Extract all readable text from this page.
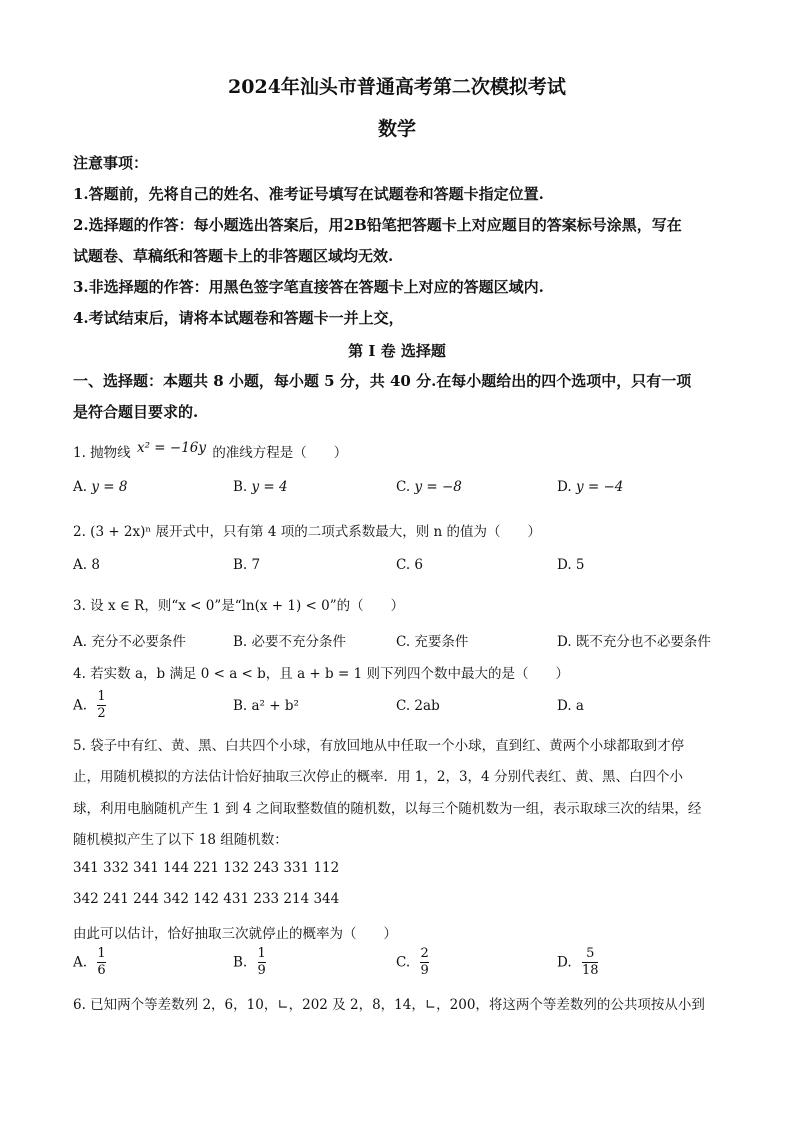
2024年汕头市普通高考第二次模拟考试
数学
注意事项：
1.答题前，先将自己的姓名、准考证号填写在试题卷和答题卡指定位置.
2.选择题的作答：每小题选出答案后，用2B铅笔把答题卡上对应题目的答案标号涂黑，写在
试题卷、草稿纸和答题卡上的非答题区域均无效.
3.非选择题的作答：用黑色签字笔直接答在答题卡上对应的答题区域内.
4.考试结束后，请将本试题卷和答题卡一并上交，
第 I 卷 选择题
一、选择题：本题共 8 小题，每小题 5 分，共 40 分.在每小题给出的四个选项中，只有一项
是符合题目要求的.
1. 抛物线 x² = −16y 的准线方程是（　　）
A. y = 8	B. y = 4	C. y = −8	D. y = −4
2. (3 + 2x)ⁿ 展开式中，只有第 4 项的二项式系数最大，则 n 的值为（　　）
A. 8	B. 7	C. 6	D. 5
3. 设 x ∈ R，则“x < 0”是“ln(x + 1) < 0”的（　　）
A. 充分不必要条件	B. 必要不充分条件	C. 充要条件	D. 既不充分也不必要条件
4. 若实数 a，b 满足 0 < a < b，且 a + b = 1 则下列四个数中最大的是（　　）
A. $\frac{1}{2}$	B. a² + b²	C. 2ab	D. a
5. 袋子中有红、黄、黑、白共四个小球，有放回地从中任取一个小球，直到红、黄两个小球都取到才停
止，用随机模拟的方法估计恰好抽取三次停止的概率．用 1，2，3，4 分别代表红、黄、黑、白四个小
球，利用电脑随机产生 1 到 4 之间取整数值的随机数，以每三个随机数为一组，表示取球三次的结果，经
随机模拟产生了以下 18 组随机数：
341 332 341 144 221 132 243 331 112
342 241 244 342 142 431 233 214 344
由此可以估计，恰好抽取三次就停止的概率为（　　）
A. $\frac{1}{6}$	B. $\frac{1}{9}$	C. $\frac{2}{9}$	D. $\frac{5}{18}$
6. 已知两个等差数列 2，6，10，∟，202 及 2，8，14，∟，200，将这两个等差数列的公共项按从小到
